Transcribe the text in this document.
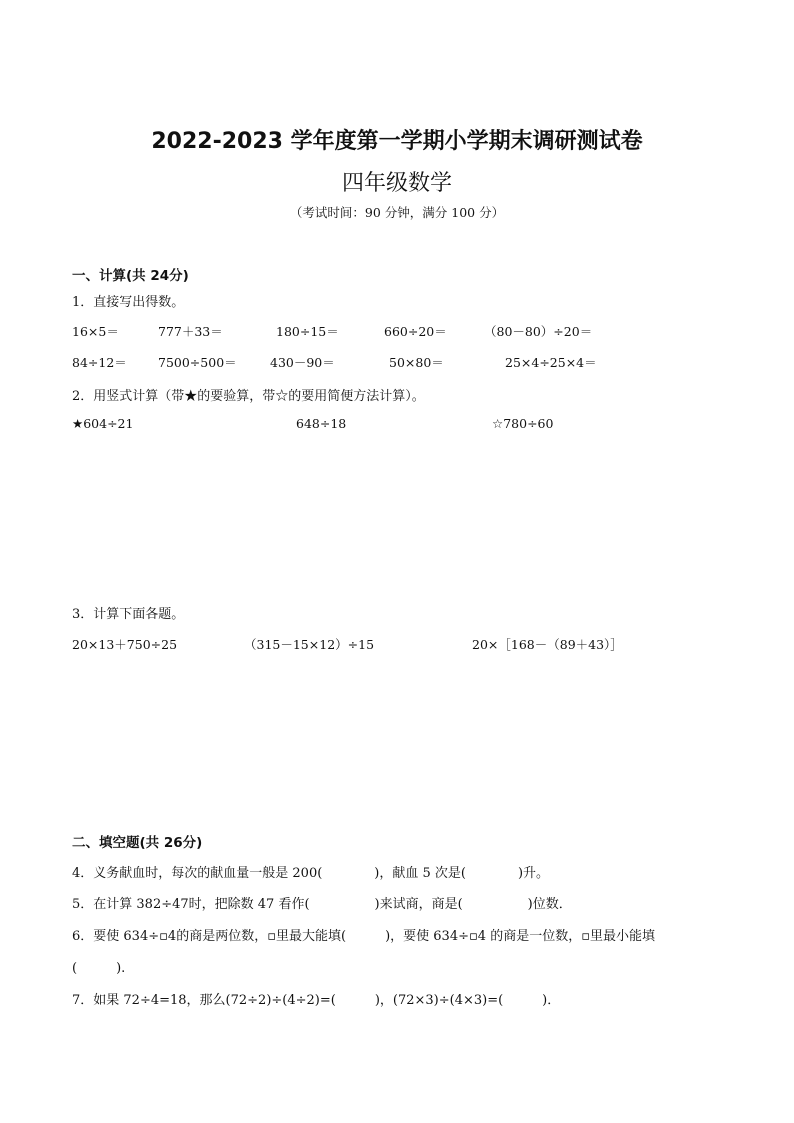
2022-2023 学年度第一学期小学期末调研测试卷
四年级数学
（考试时间：90 分钟，满分 100 分）
一、计算(共 24分)
1．直接写出得数。
16×5＝	777＋33＝	180÷15＝	660÷20＝	（80－80）÷20＝
84÷12＝ 7500÷500＝	430－90＝	50×80＝	25×4÷25×4＝
2．用竖式计算（带★的要验算，带☆的要用简便方法计算）。
★604÷21	648÷18	☆780÷60
3．计算下面各题。
20×13＋750÷25	（315－15×12）÷15	20×［168－（89＋43）］
二、填空题(共 26分)
4．义务献血时，每次的献血量一般是 200(　　　　)，献血 5 次是(　　　　)升。
5．在计算 382÷47时，把除数 47 看作(　　　　　)来试商，商是(　　　　　)位数．
6．要使 634÷▫4的商是两位数，▫里最大能填(　　　)，要使 634÷▫4 的商是一位数，▫里最小能填
(　　　).
7．如果 72÷4=18，那么(72÷2)÷(4÷2)=(　　　)，(72×3)÷(4×3)=(　　　)．
